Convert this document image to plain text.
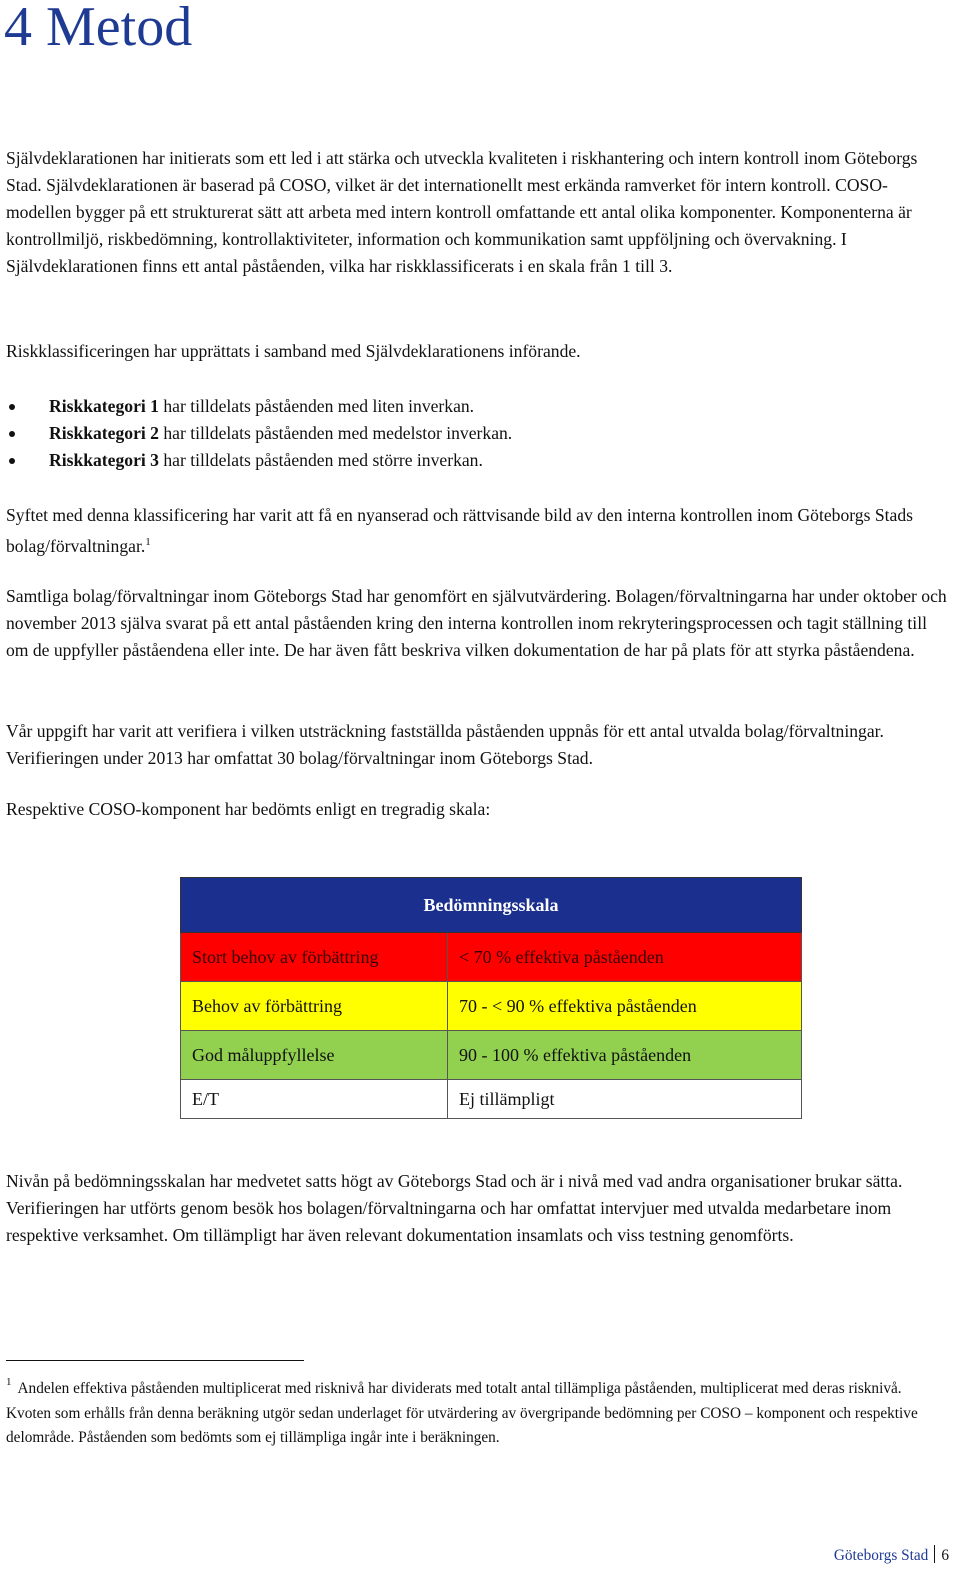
4 Metod

Självdeklarationen har initierats som ett led i att stärka och utveckla kvaliteten i riskhantering och intern kontroll inom Göteborgs Stad. Självdeklarationen är baserad på COSO, vilket är det internationellt mest erkända ramverket för intern kontroll. COSO-modellen bygger på ett strukturerat sätt att arbeta med intern kontroll omfattande ett antal olika komponenter. Komponenterna är kontrollmiljö, riskbedömning, kontrollaktiviteter, information och kommunikation samt uppföljning och övervakning. I Självdeklarationen finns ett antal påståenden, vilka har riskklassificerats i en skala från 1 till 3.

Riskklassificeringen har upprättats i samband med Självdeklarationens införande.

Riskkategori 1 har tilldelats påståenden med liten inverkan.
Riskkategori 2 har tilldelats påståenden med medelstor inverkan.
Riskkategori 3 har tilldelats påståenden med större inverkan.

Syftet med denna klassificering har varit att få en nyanserad och rättvisande bild av den interna kontrollen inom Göteborgs Stads bolag/förvaltningar.$^1$

Samtliga bolag/förvaltningar inom Göteborgs Stad har genomfört en självutvärdering. Bolagen/förvaltningarna har under oktober och november 2013 själva svarat på ett antal påståenden kring den interna kontrollen inom rekryteringsprocessen och tagit ställning till om de uppfyller påståendena eller inte. De har även fått beskriva vilken dokumentation de har på plats för att styrka påståendena.

Vår uppgift har varit att verifiera i vilken utsträckning fastställda påståenden uppnås för ett antal utvalda bolag/förvaltningar. Verifieringen under 2013 har omfattat 30 bolag/förvaltningar inom Göteborgs Stad.

Respektive COSO-komponent har bedömts enligt en tregradig skala:

Bedömningsskala	
Stort behov av förbättring	< 70 % effektiva påståenden
Behov av förbättring	70 - < 90 % effektiva påståenden
God måluppfyllelse	90 - 100 % effektiva påståenden
E/T	Ej tillämpligt

Nivån på bedömningsskalan har medvetet satts högt av Göteborgs Stad och är i nivå med vad andra organisationer brukar sätta. Verifieringen har utförts genom besök hos bolagen/förvaltningarna och har omfattat intervjuer med utvalda medarbetare inom respektive verksamhet. Om tillämpligt har även relevant dokumentation insamlats och viss testning genomförts.

$^1$ Andelen effektiva påståenden multiplicerat med risknivå har dividerats med totalt antal tillämpliga påståenden, multiplicerat med deras risknivå. Kvoten som erhålls från denna beräkning utgör sedan underlaget för utvärdering av övergripande bedömning per COSO – komponent och respektive delområde. Påståenden som bedömts som ej tillämpliga ingår inte i beräkningen.

Göteborgs Stad 6
